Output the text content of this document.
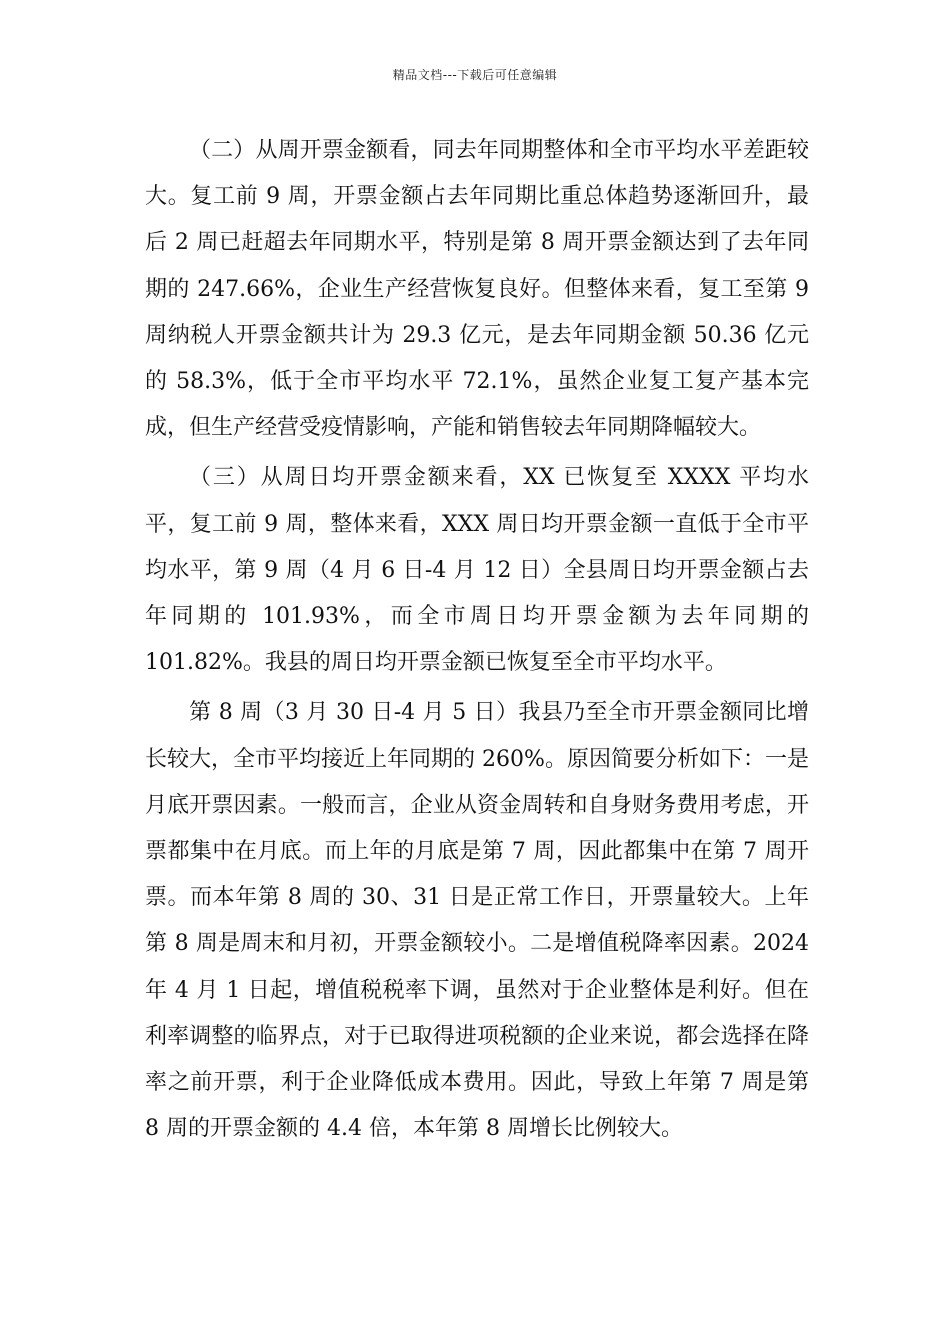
精品文档---下载后可任意编辑

（二）从周开票金额看，同去年同期整体和全市平均水平差距较大。复工前 9 周，开票金额占去年同期比重总体趋势逐渐回升，最后 2 周已赶超去年同期水平，特别是第 8 周开票金额达到了去年同期的 247.66%，企业生产经营恢复良好。但整体来看，复工至第 9 周纳税人开票金额共计为 29.3 亿元，是去年同期金额 50.36 亿元的 58.3%，低于全市平均水平 72.1%，虽然企业复工复产基本完成，但生产经营受疫情影响，产能和销售较去年同期降幅较大。

（三）从周日均开票金额来看，XX 已恢复至 XXXX 平均水平，复工前 9 周，整体来看，XXX 周日均开票金额一直低于全市平均水平，第 9 周（4 月 6 日-4 月 12 日）全县周日均开票金额占去年同期的 101.93%，而全市周日均开票金额为去年同期的 101.82%。我县的周日均开票金额已恢复至全市平均水平。

第 8 周（3 月 30 日-4 月 5 日）我县乃至全市开票金额同比增长较大，全市平均接近上年同期的 260%。原因简要分析如下：一是月底开票因素。一般而言，企业从资金周转和自身财务费用考虑，开票都集中在月底。而上年的月底是第 7 周，因此都集中在第 7 周开票。而本年第 8 周的 30、31 日是正常工作日，开票量较大。上年第 8 周是周末和月初，开票金额较小。二是增值税降率因素。2024 年 4 月 1 日起，增值税税率下调，虽然对于企业整体是利好。但在利率调整的临界点，对于已取得进项税额的企业来说，都会选择在降率之前开票，利于企业降低成本费用。因此，导致上年第 7 周是第 8 周的开票金额的 4.4 倍，本年第 8 周增长比例较大。
